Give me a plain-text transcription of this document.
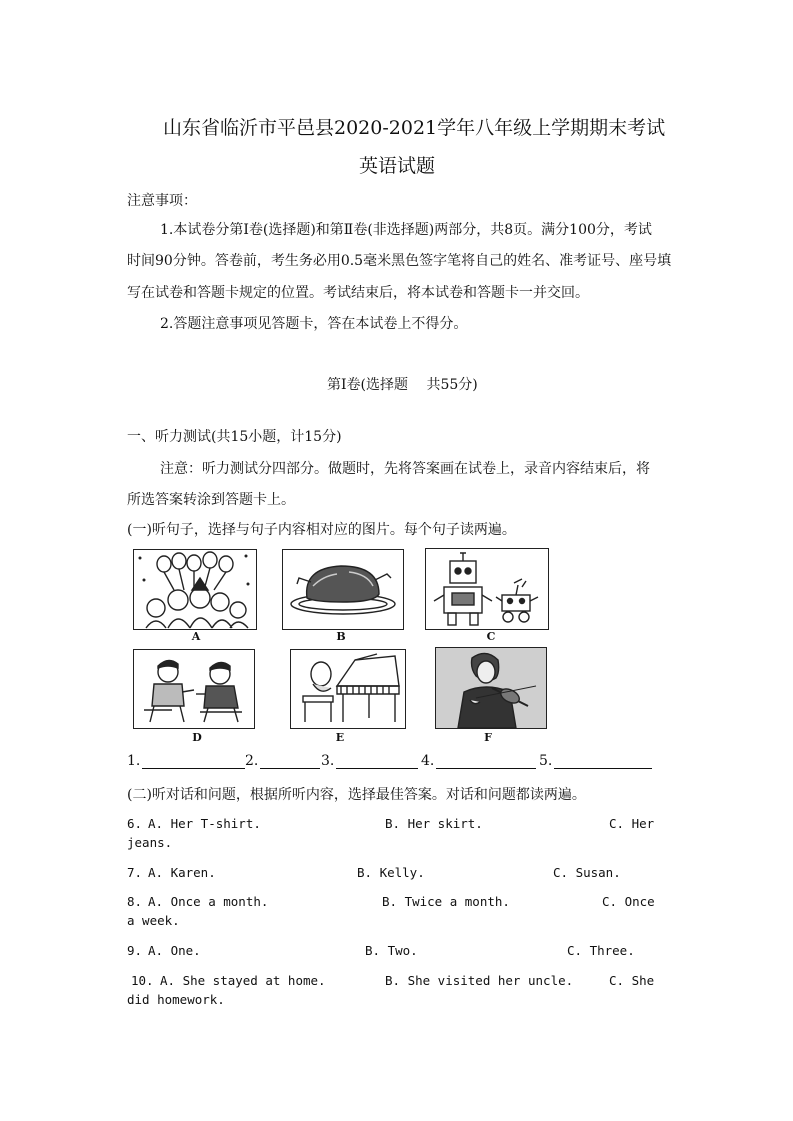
山东省临沂市平邑县2020-2021学年八年级上学期期末考试
英语试题
注意事项：
1.本试卷分第Ⅰ卷(选择题)和第Ⅱ卷(非选择题)两部分，共8页。满分100分，考试
时间90分钟。答卷前，考生务必用0.5毫米黑色签字笔将自己的姓名、准考证号、座号填
写在试卷和答题卡规定的位置。考试结束后，将本试卷和答题卡一并交回。
2.答题注意事项见答题卡，答在本试卷上不得分。
第Ⅰ卷(选择题　 共55分)
一、听力测试(共15小题，计15分)
注意：听力测试分四部分。做题时，先将答案画在试卷上，录音内容结束后，将
所选答案转涂到答题卡上。
(一)听句子，选择与句子内容相对应的图片。每个句子读两遍。
A	B	C
D	E	F
1.	2.	3.	4.	5.
(二)听对话和问题，根据所听内容，选择最佳答案。对话和问题都读两遍。
6. A. Her T-shirt.	B. Her skirt.	C. Her
jeans.
7. A. Karen.	B. Kelly.	C. Susan.
8. A. Once a month.	B. Twice a month.	C. Once
a week.
9. A. One.	B. Two.	C. Three.
10. A. She stayed at home.	B. She visited her uncle.	C. She
did homework.
